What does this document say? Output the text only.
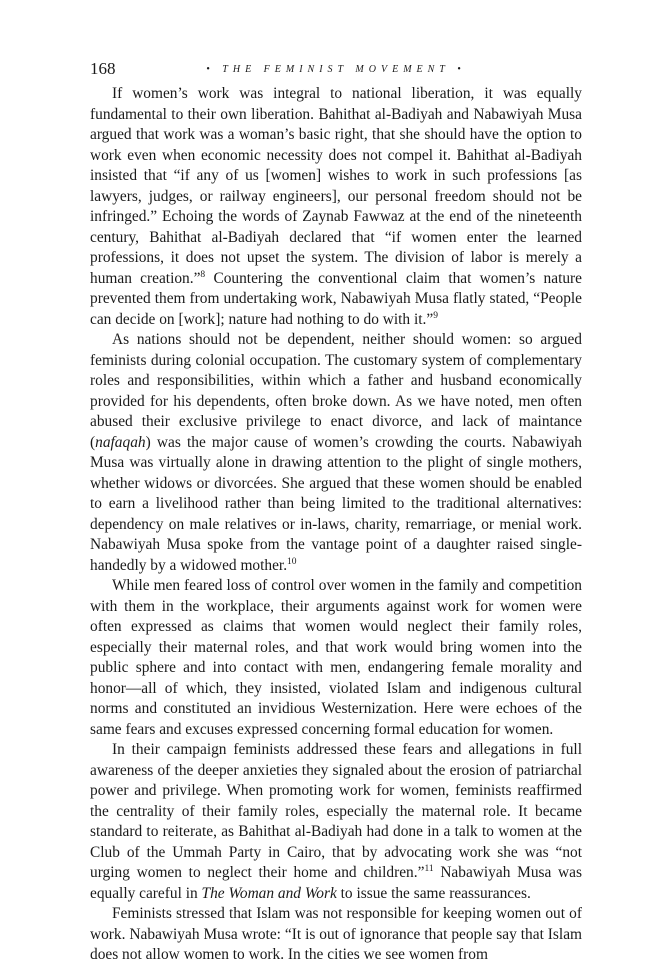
168	• THE FEMINIST MOVEMENT •

If women’s work was integral to national liberation, it was equally fundamental to their own liberation. Bahithat al-Badiyah and Nabawiyah Musa argued that work was a woman’s basic right, that she should have the option to work even when economic necessity does not compel it. Bahithat al-Badiyah insisted that “if any of us [women] wishes to work in such professions [as lawyers, judges, or railway engineers], our personal freedom should not be infringed.” Echoing the words of Zaynab Fawwaz at the end of the nineteenth century, Bahithat al-Badiyah declared that “if women enter the learned professions, it does not upset the system. The division of labor is merely a human creation.”$^8$ Countering the conventional claim that women’s nature prevented them from undertaking work, Nabawiyah Musa flatly stated, “People can decide on [work]; nature had nothing to do with it.”$^9$

As nations should not be dependent, neither should women: so argued feminists during colonial occupation. The customary system of complementary roles and responsibilities, within which a father and husband economically provided for his dependents, often broke down. As we have noted, men often abused their exclusive privilege to enact divorce, and lack of maintance (nafaqah) was the major cause of women’s crowding the courts. Nabawiyah Musa was virtually alone in drawing attention to the plight of single mothers, whether widows or divorcées. She argued that these women should be enabled to earn a livelihood rather than being limited to the traditional alternatives: dependency on male relatives or in-laws, charity, remarriage, or menial work. Nabawiyah Musa spoke from the vantage point of a daughter raised single-handedly by a widowed mother.$^{10}$

While men feared loss of control over women in the family and competition with them in the workplace, their arguments against work for women were often expressed as claims that women would neglect their family roles, especially their maternal roles, and that work would bring women into the public sphere and into contact with men, endangering female morality and honor—all of which, they insisted, violated Islam and indigenous cultural norms and constituted an invidious Westernization. Here were echoes of the same fears and excuses expressed concerning formal education for women.

In their campaign feminists addressed these fears and allegations in full awareness of the deeper anxieties they signaled about the erosion of patriarchal power and privilege. When promoting work for women, feminists reaffirmed the centrality of their family roles, especially the maternal role. It became standard to reiterate, as Bahithat al-Badiyah had done in a talk to women at the Club of the Ummah Party in Cairo, that by advocating work she was “not urging women to neglect their home and children.”$^{11}$ Nabawiyah Musa was equally careful in The Woman and Work to issue the same reassurances.

Feminists stressed that Islam was not responsible for keeping women out of work. Nabawiyah Musa wrote: “It is out of ignorance that people say that Islam does not allow women to work. In the cities we see women from
